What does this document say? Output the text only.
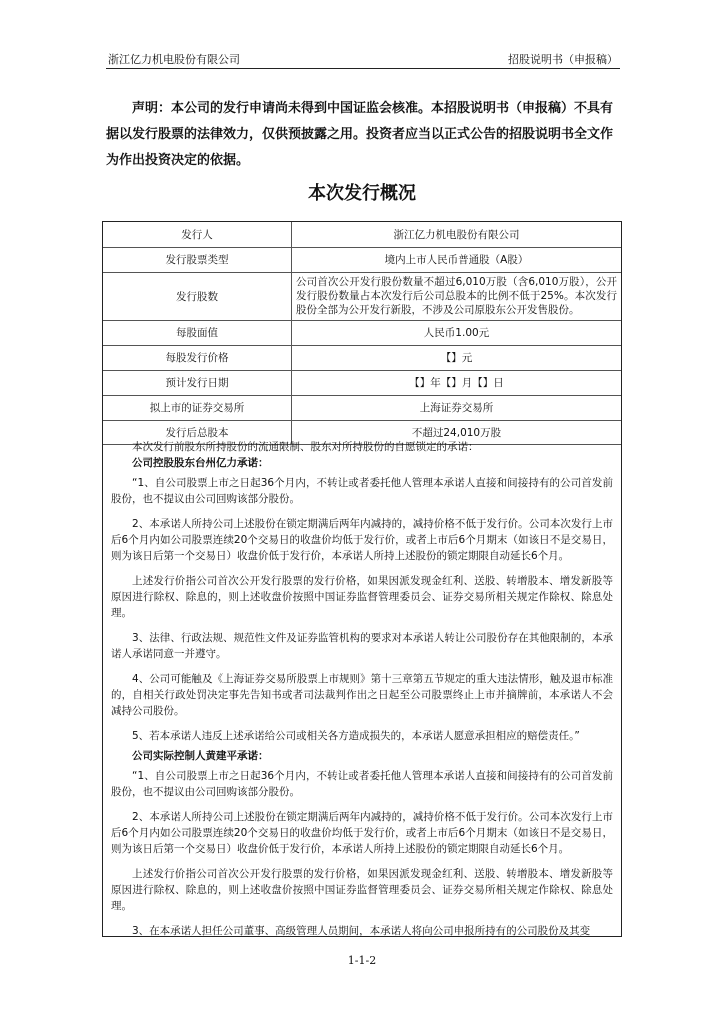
浙江亿力机电股份有限公司	招股说明书（申报稿）
声明：本公司的发行申请尚未得到中国证监会核准。本招股说明书（申报稿）不具有据以发行股票的法律效力，仅供预披露之用。投资者应当以正式公告的招股说明书全文作为作出投资决定的依据。
本次发行概况
发行人	浙江亿力机电股份有限公司
发行股票类型	境内上市人民币普通股（A股）
发行股数	公司首次公开发行股份数量不超过6,010万股（含6,010万股），公开发行股份数量占本次发行后公司总股本的比例不低于25%。本次发行股份全部为公开发行新股，不涉及公司原股东公开发售股份。
每股面值	人民币1.00元
每股发行价格	【】元
预计发行日期	【】年【】月【】日
拟上市的证券交易所	上海证券交易所
发行后总股本	不超过24,010万股

本次发行前股东所持股份的流通限制、股东对所持股份的自愿锁定的承诺：

公司控股股东台州亿力承诺：

“1、自公司股票上市之日起36个月内，不转让或者委托他人管理本承诺人直接和间接持有的公司首发前股份，也不提议由公司回购该部分股份。

2、本承诺人所持公司上述股份在锁定期满后两年内减持的，减持价格不低于发行价。公司本次发行上市后6个月内如公司股票连续20个交易日的收盘价均低于发行价，或者上市后6个月期末（如该日不是交易日，则为该日后第一个交易日）收盘价低于发行价，本承诺人所持上述股份的锁定期限自动延长6个月。

上述发行价指公司首次公开发行股票的发行价格，如果因派发现金红利、送股、转增股本、增发新股等原因进行除权、除息的，则上述收盘价按照中国证券监督管理委员会、证券交易所相关规定作除权、除息处理。

3、法律、行政法规、规范性文件及证券监管机构的要求对本承诺人转让公司股份存在其他限制的，本承诺人承诺同意一并遵守。

4、公司可能触及《上海证券交易所股票上市规则》第十三章第五节规定的重大违法情形，触及退市标准的，自相关行政处罚决定事先告知书或者司法裁判作出之日起至公司股票终止上市并摘牌前，本承诺人不会减持公司股份。

5、若本承诺人违反上述承诺给公司或相关各方造成损失的，本承诺人愿意承担相应的赔偿责任。”

公司实际控制人黄建平承诺：

“1、自公司股票上市之日起36个月内，不转让或者委托他人管理本承诺人直接和间接持有的公司首发前股份，也不提议由公司回购该部分股份。

2、本承诺人所持公司上述股份在锁定期满后两年内减持的，减持价格不低于发行价。公司本次发行上市后6个月内如公司股票连续20个交易日的收盘价均低于发行价，或者上市后6个月期末（如该日不是交易日，则为该日后第一个交易日）收盘价低于发行价，本承诺人所持上述股份的锁定期限自动延长6个月。

上述发行价指公司首次公开发行股票的发行价格，如果因派发现金红利、送股、转增股本、增发新股等原因进行除权、除息的，则上述收盘价按照中国证券监督管理委员会、证券交易所相关规定作除权、除息处理。

3、在本承诺人担任公司董事、高级管理人员期间，本承诺人将向公司申报所持有的公司股份及其变

1-1-2
